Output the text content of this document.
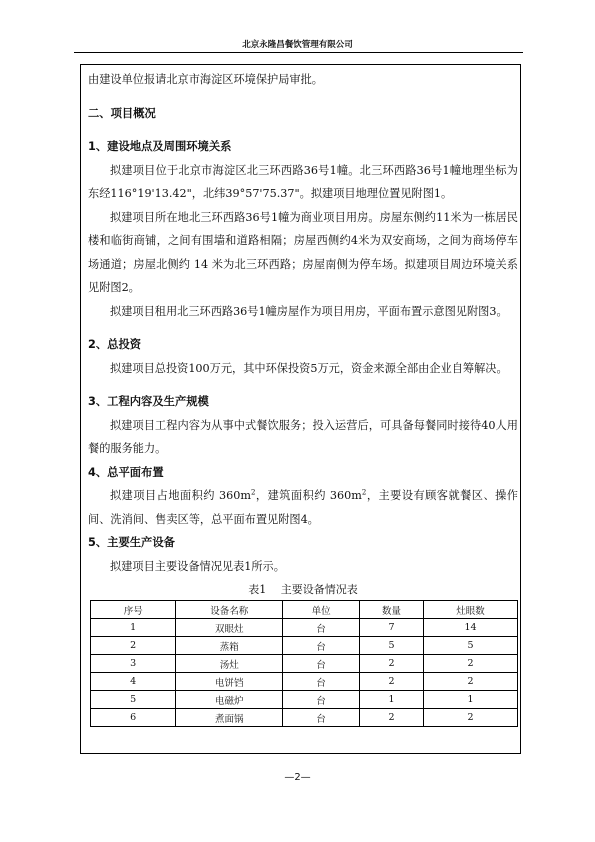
北京永隆昌餐饮管理有限公司

由建设单位报请北京市海淀区环境保护局审批。

二、项目概况

1、建设地点及周围环境关系

拟建项目位于北京市海淀区北三环西路36号1幢。北三环西路36号1幢地理坐标为东经116°19'13.42"，北纬39°57'75.37"。拟建项目地理位置见附图1。

拟建项目所在地北三环西路36号1幢为商业项目用房。房屋东侧约11米为一栋居民楼和临街商铺，之间有围墙和道路相隔；房屋西侧约4米为双安商场，之间为商场停车场通道；房屋北侧约 14 米为北三环西路；房屋南侧为停车场。拟建项目周边环境关系见附图2。

拟建项目租用北三环西路36号1幢房屋作为项目用房，平面布置示意图见附图3。

2、总投资

拟建项目总投资100万元，其中环保投资5万元，资金来源全部由企业自筹解决。

3、工程内容及生产规模

拟建项目工程内容为从事中式餐饮服务；投入运营后，可具备每餐同时接待40人用餐的服务能力。

4、总平面布置

拟建项目占地面积约 $360m^2$，建筑面积约 $360m^2$，主要设有顾客就餐区、操作间、洗消间、售卖区等，总平面布置见附图4。

5、主要生产设备

拟建项目主要设备情况见表1所示。

表1　 主要设备情况表

序号	设备名称	单位	数量	灶眼数
1	双眼灶	台	7	14
2	蒸箱	台	5	5
3	汤灶	台	2	2
4	电饼铛	台	2	2
5	电磁炉	台	1	1
6	煮面锅	台	2	2
—2—
